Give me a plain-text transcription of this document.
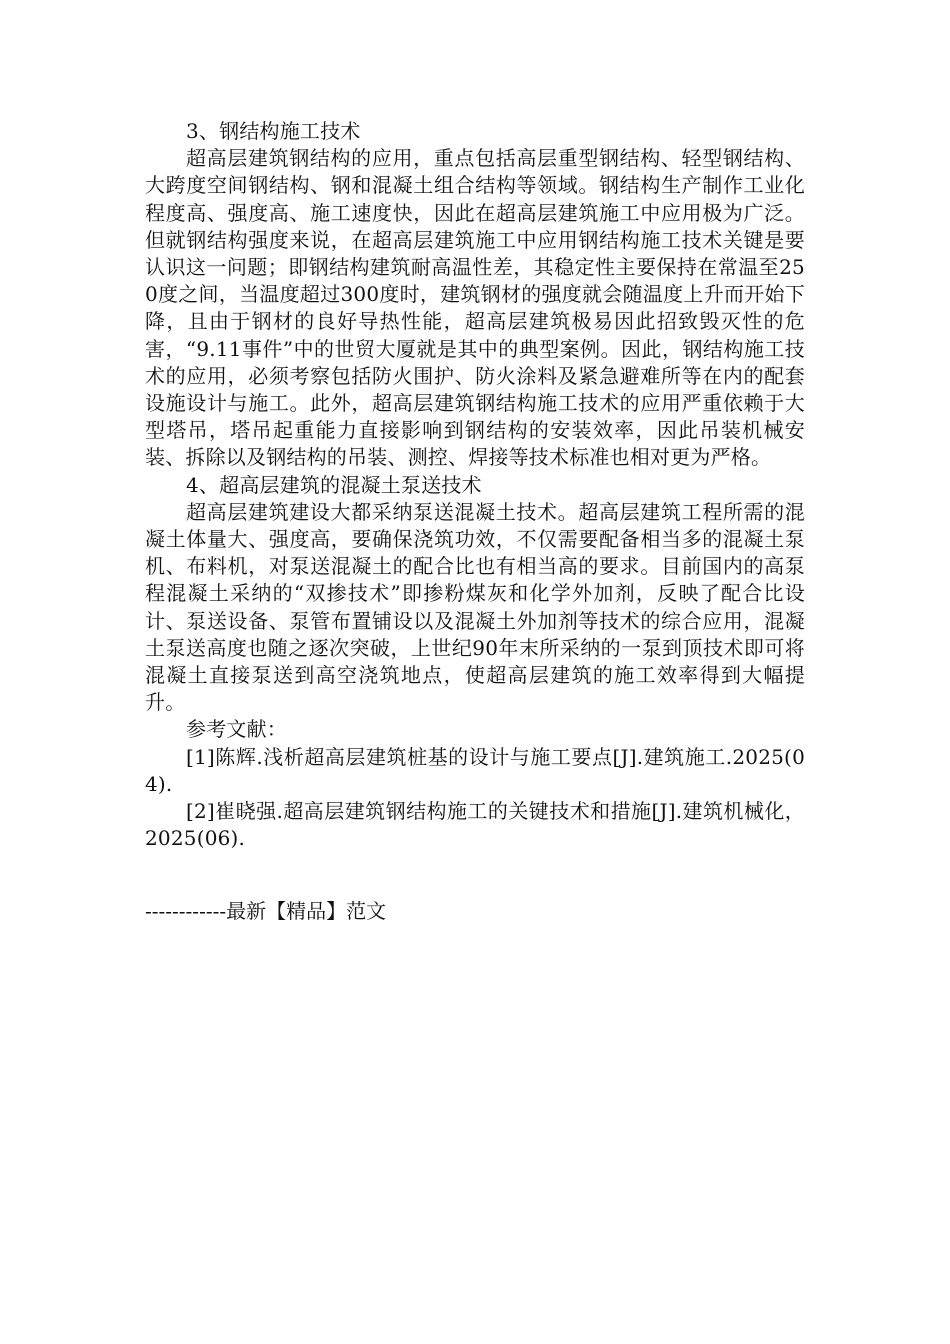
3、钢结构施工技术

超高层建筑钢结构的应用，重点包括高层重型钢结构、轻型钢结构、大跨度空间钢结构、钢和混凝土组合结构等领域。钢结构生产制作工业化程度高、强度高、施工速度快，因此在超高层建筑施工中应用极为广泛。但就钢结构强度来说，在超高层建筑施工中应用钢结构施工技术关键是要认识这一问题；即钢结构建筑耐高温性差，其稳定性主要保持在常温至250度之间，当温度超过300度时，建筑钢材的强度就会随温度上升而开始下降，且由于钢材的良好导热性能，超高层建筑极易因此招致毁灭性的危害，“9.11事件”中的世贸大厦就是其中的典型案例。因此，钢结构施工技术的应用，必须考察包括防火围护、防火涂料及紧急避难所等在内的配套设施设计与施工。此外，超高层建筑钢结构施工技术的应用严重依赖于大型塔吊，塔吊起重能力直接影响到钢结构的安装效率，因此吊装机械安装、拆除以及钢结构的吊装、测控、焊接等技术标准也相对更为严格。

4、超高层建筑的混凝土泵送技术

超高层建筑建设大都采纳泵送混凝土技术。超高层建筑工程所需的混凝土体量大、强度高，要确保浇筑功效，不仅需要配备相当多的混凝土泵机、布料机，对泵送混凝土的配合比也有相当高的要求。目前国内的高泵程混凝土采纳的“双掺技术”即掺粉煤灰和化学外加剂，反映了配合比设计、泵送设备、泵管布置铺设以及混凝土外加剂等技术的综合应用，混凝土泵送高度也随之逐次突破，上世纪90年末所采纳的一泵到顶技术即可将混凝土直接泵送到高空浇筑地点，使超高层建筑的施工效率得到大幅提升。

参考文献：

[1]陈辉.浅析超高层建筑桩基的设计与施工要点[J].建筑施工.2025(04).

[2]崔晓强.超高层建筑钢结构施工的关键技术和措施[J].建筑机械化，2025(06).

------------最新【精品】范文
